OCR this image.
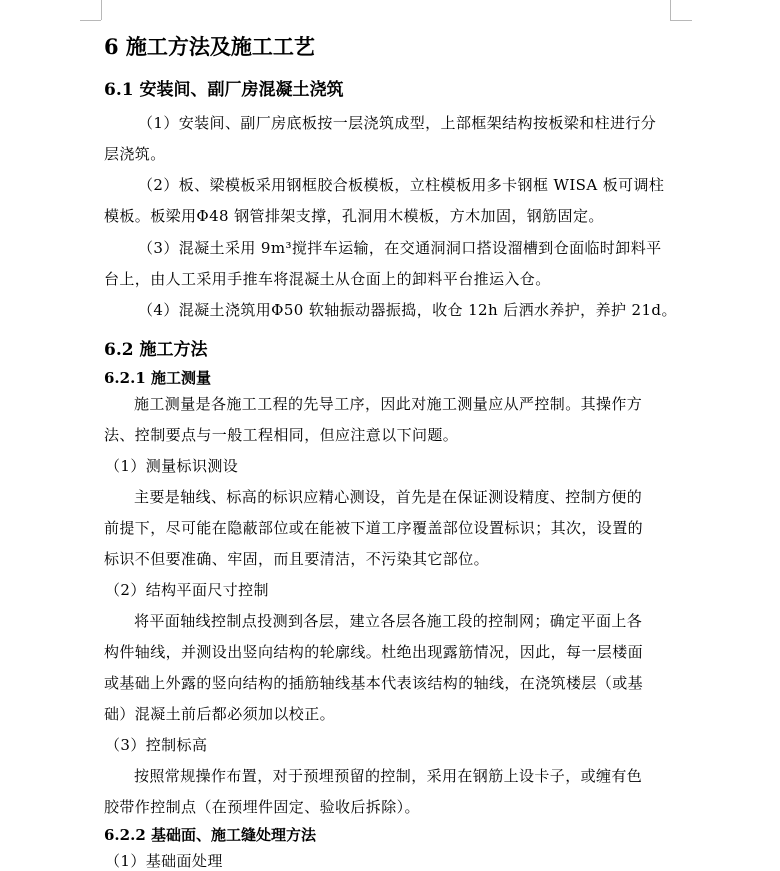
6 施工方法及施工工艺
6.1 安装间、副厂房混凝土浇筑
（1）安装间、副厂房底板按一层浇筑成型，上部框架结构按板梁和柱进行分
层浇筑。
（2）板、梁模板采用钢框胶合板模板，立柱模板用多卡钢框 WISA 板可调柱
模板。板梁用Φ48 钢管排架支撑，孔洞用木模板，方木加固，钢筋固定。
（3）混凝土采用 9m³搅拌车运输，在交通洞洞口搭设溜槽到仓面临时卸料平
台上，由人工采用手推车将混凝土从仓面上的卸料平台推运入仓。
（4）混凝土浇筑用Φ50 软轴振动器振捣，收仓 12h 后洒水养护，养护 21d。
6.2 施工方法
6.2.1 施工测量
施工测量是各施工工程的先导工序，因此对施工测量应从严控制。其操作方
法、控制要点与一般工程相同，但应注意以下问题。
（1）测量标识测设
主要是轴线、标高的标识应精心测设，首先是在保证测设精度、控制方便的
前提下，尽可能在隐蔽部位或在能被下道工序覆盖部位设置标识；其次，设置的
标识不但要准确、牢固，而且要清洁，不污染其它部位。
（2）结构平面尺寸控制
将平面轴线控制点投测到各层，建立各层各施工段的控制网；确定平面上各
构件轴线，并测设出竖向结构的轮廓线。杜绝出现露筋情况，因此，每一层楼面
或基础上外露的竖向结构的插筋轴线基本代表该结构的轴线，在浇筑楼层（或基
础）混凝土前后都必须加以校正。
（3）控制标高
按照常规操作布置，对于预埋预留的控制，采用在钢筋上设卡子，或缠有色
胶带作控制点（在预埋件固定、验收后拆除）。
6.2.2 基础面、施工缝处理方法
（1）基础面处理
